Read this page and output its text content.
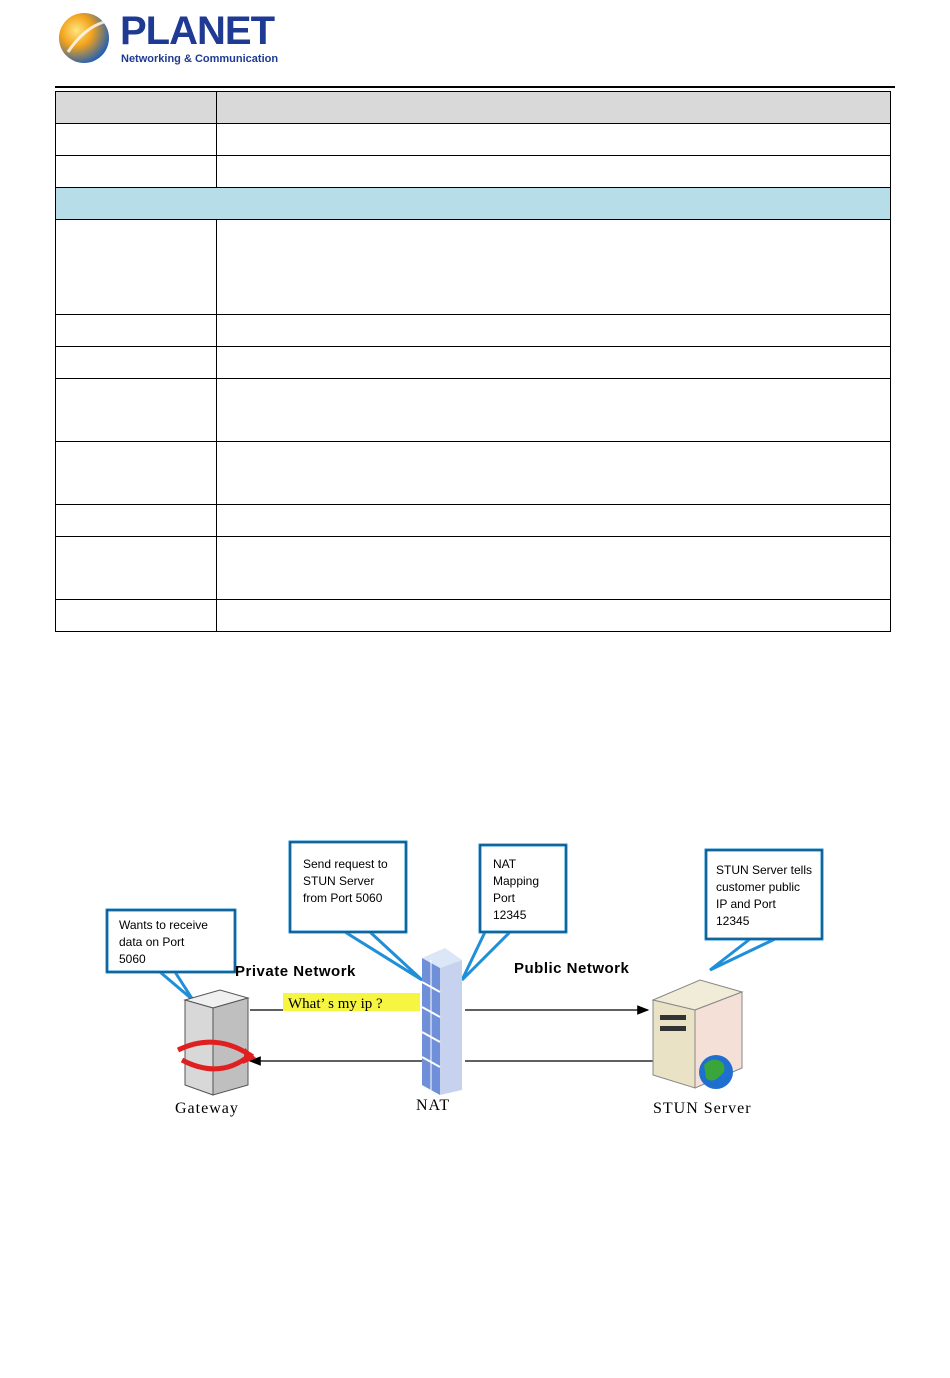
PLANET
Networking & Communication

Wants to receive
data on Port
5060
Send request to
STUN Server
from Port 5060
NAT
Mapping
Port
12345
STUN Server tells
customer public
IP and Port
12345
Private Network	Public Network
What’ s my ip ?
Gateway	NAT	STUN Server
